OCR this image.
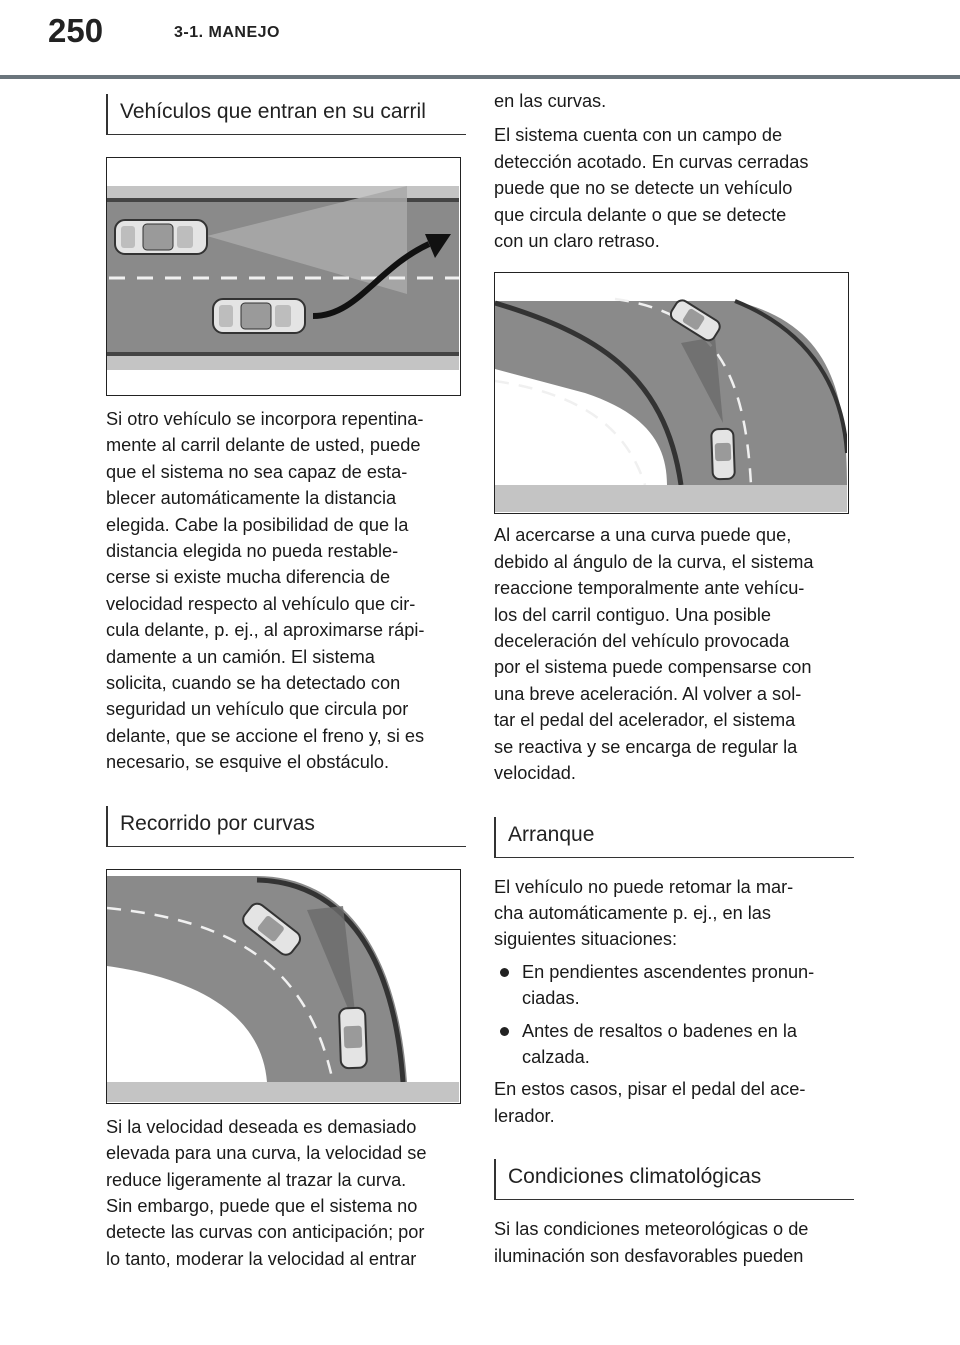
250	3-1. MANEJO
Vehículos que entran en su carril

Si otro vehículo se incorpora repentina-

mente al carril delante de usted, puede

que el sistema no sea capaz de esta-

blecer automáticamente la distancia

elegida. Cabe la posibilidad de que la

distancia elegida no pueda restable-

cerse si existe mucha diferencia de

velocidad respecto al vehículo que cir-

cula delante, p. ej., al aproximarse rápi-

damente a un camión. El sistema

solicita, cuando se ha detectado con

seguridad un vehículo que circula por

delante, que se accione el freno y, si es

necesario, se esquive el obstáculo.

Recorrido por curvas

Si la velocidad deseada es demasiado

elevada para una curva, la velocidad se

reduce ligeramente al trazar la curva.

Sin embargo, puede que el sistema no

detecte las curvas con anticipación; por

lo tanto, moderar la velocidad al entrar

en las curvas.

El sistema cuenta con un campo de

detección acotado. En curvas cerradas

puede que no se detecte un vehículo

que circula delante o que se detecte

con un claro retraso.

Al acercarse a una curva puede que,

debido al ángulo de la curva, el sistema

reaccione temporalmente ante vehícu-

los del carril contiguo. Una posible

deceleración del vehículo provocada

por el sistema puede compensarse con

una breve aceleración. Al volver a sol-

tar el pedal del acelerador, el sistema

se reactiva y se encarga de regular la

velocidad.

Arranque

El vehículo no puede retomar la mar-

cha automáticamente p. ej., en las

siguientes situaciones:

En pendientes ascendentes pronun-
ciadas.
Antes de resaltos o badenes en la
calzada.

En estos casos, pisar el pedal del ace-

lerador.

Condiciones climatológicas

Si las condiciones meteorológicas o de

iluminación son desfavorables pueden
